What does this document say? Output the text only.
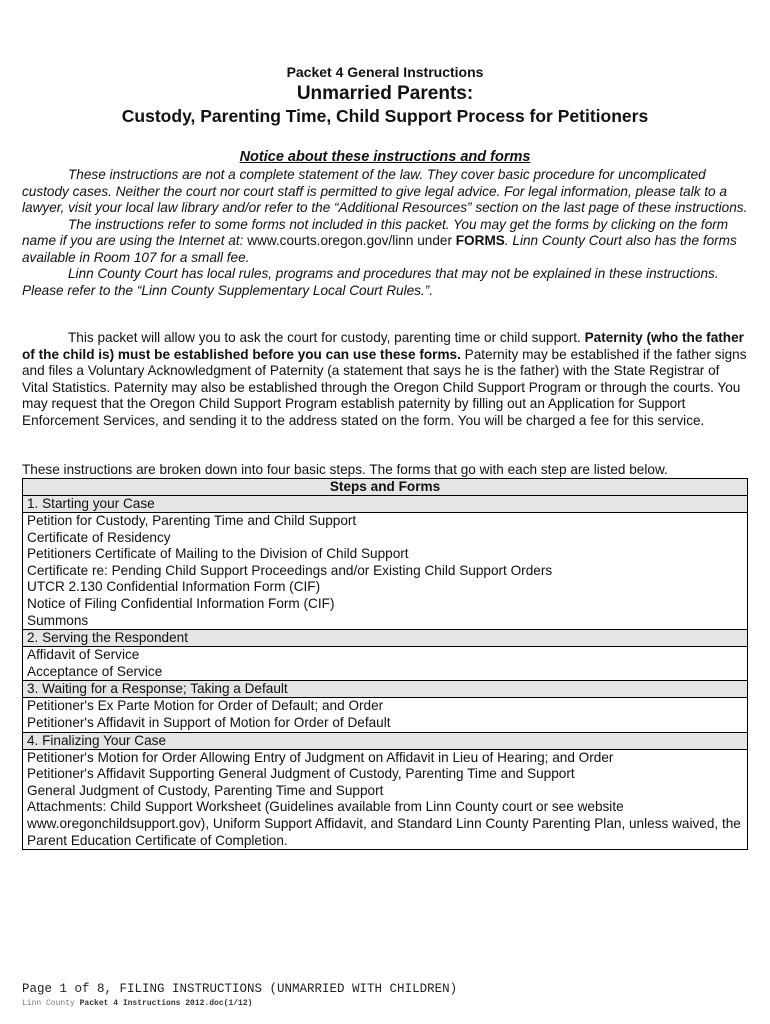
Packet 4 General Instructions
Unmarried Parents:
Custody, Parenting Time, Child Support Process for Petitioners
Notice about these instructions and forms

These instructions are not a complete statement of the law. They cover basic procedure for uncomplicated custody cases. Neither the court nor court staff is permitted to give legal advice. For legal information, please talk to a lawyer, visit your local law library and/or refer to the “Additional Resources” section on the last page of these instructions.

The instructions refer to some forms not included in this packet. You may get the forms by clicking on the form name if you are using the Internet at: www.courts.oregon.gov/linn under FORMS. Linn County Court also has the forms available in Room 107 for a small fee.

Linn County Court has local rules, programs and procedures that may not be explained in these instructions. Please refer to the “Linn County Supplementary Local Court Rules.”.

This packet will allow you to ask the court for custody, parenting time or child support. Paternity (who the father of the child is) must be established before you can use these forms. Paternity may be established if the father signs and files a Voluntary Acknowledgment of Paternity (a statement that says he is the father) with the State Registrar of Vital Statistics. Paternity may also be established through the Oregon Child Support Program or through the courts. You may request that the Oregon Child Support Program establish paternity by filling out an Application for Support Enforcement Services, and sending it to the address stated on the form. You will be charged a fee for this service.

These instructions are broken down into four basic steps. The forms that go with each step are listed below.
Steps and Forms
1. Starting your Case

Petition for Custody, Parenting Time and Child Support
Certificate of Residency
Petitioners Certificate of Mailing to the Division of Child Support
Certificate re: Pending Child Support Proceedings and/or Existing Child Support Orders
UTCR 2.130 Confidential Information Form (CIF)
Notice of Filing Confidential Information Form (CIF)
Summons

2. Serving the Respondent

Affidavit of Service
Acceptance of Service

3. Waiting for a Response; Taking a Default

Petitioner's Ex Parte Motion for Order of Default; and Order
Petitioner's Affidavit in Support of Motion for Order of Default

4. Finalizing Your Case

Petitioner's Motion for Order Allowing Entry of Judgment on Affidavit in Lieu of Hearing; and Order
Petitioner's Affidavit Supporting General Judgment of Custody, Parenting Time and Support
General Judgment of Custody, Parenting Time and Support
Attachments: Child Support Worksheet (Guidelines available from Linn County court or see website www.oregonchildsupport.gov), Uniform Support Affidavit, and Standard Linn County Parenting Plan, unless waived, the Parent Education Certificate of Completion.
Page 1 of 8, FILING INSTRUCTIONS (UNMARRIED WITH CHILDREN)
Linn County Packet 4 Instructions 2012.doc(1/12)
